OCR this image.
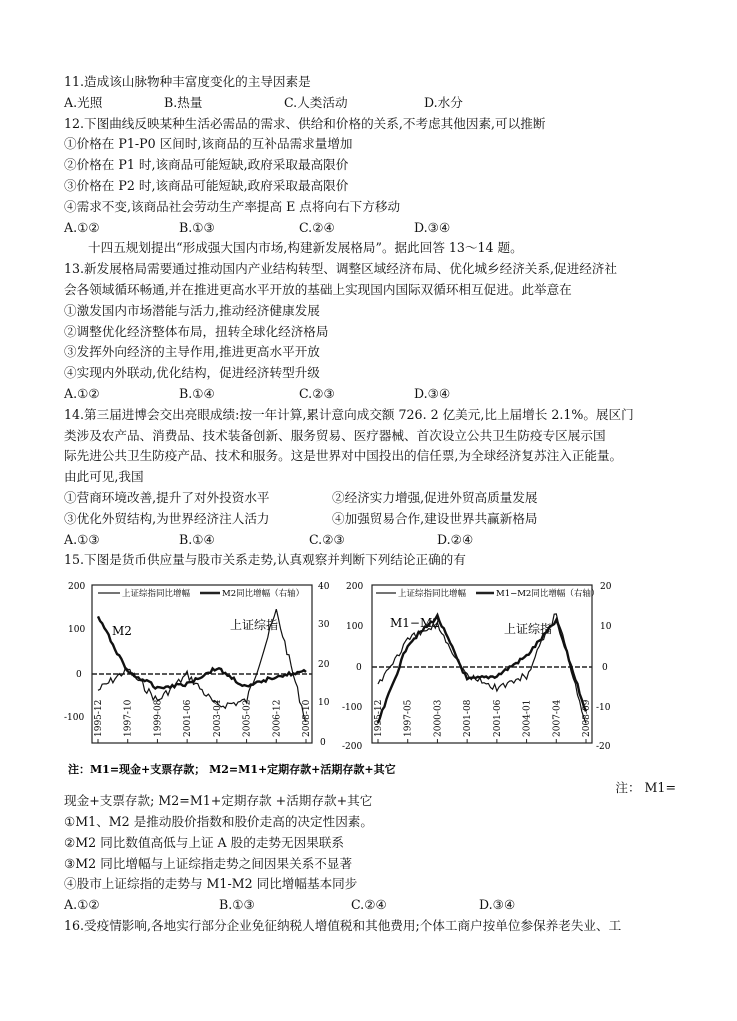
11.造成该山脉物种丰富度变化的主导因素是
A.光照	B.热量	C.人类活动	D.水分
12.下图曲线反映某种生活必需品的需求、供给和价格的关系,不考虑其他因素,可以推断
①价格在 P1-P0 区间时,该商品的互补品需求量增加
②价格在 P1 时,该商品可能短缺,政府采取最高限价
③价格在 P2 时,该商品可能短缺,政府采取最高限价
④需求不变,该商品社会劳动生产率提高 E 点将向右下方移动
A.①②	B.①③	C.②④	D.③④
十四五规划提出“形成强大国内市场,构建新发展格局”。据此回答 13～14 题。
13.新发展格局需要通过推动国内产业结构转型、调整区域经济布局、优化城乡经济关系,促进经济社
会各领域循环畅通,并在推进更高水平开放的基础上实现国内国际双循环相互促进。此举意在
①激发国内市场潜能与活力,推动经济健康发展
②调整优化经济整体布局，扭转全球化经济格局
③发挥外向经济的主导作用,推进更高水平开放
④实现内外联动,优化结构，促进经济转型升级
A.①②	B.①④	C.②③	D.③④
14.第三届进博会交出亮眼成绩:按一年计算,累计意向成交额 726. 2 亿美元,比上届增长 2.1%。展区门
类涉及农产品、消费品、技术装备创新、服务贸易、医疗器械、首次设立公共卫生防疫专区展示国
际先进公共卫生防疫产品、技术和服务。这是世界对中国投出的信任票,为全球经济复苏注入正能量。
由此可见,我国
①营商环境改善,提升了对外投资水平	②经济实力增强,促进外贸高质量发展
③优化外贸结构,为世界经济注人活力	④加强贸易合作,建设世界共赢新格局
A.①③	B.①④	C.②③	D.②④
15.下图是货币供应量与股市关系走势,认真观察并判断下列结论正确的有
上证综指同比增幅	M2同比增幅（右轴）
200
100
0
-100
40
30
20
10
0
M2	上证综指
1995-12 1997-10 1999-08 2001-06 2003-04 2005-02 2006-12 2008-10
上证综指同比增幅	M1−M2同比增幅（右轴）
200
100
0
-100
-200
20
10
0
-10
-20
M1−M2	上证综指
1995-12 1997-05 2000-03 2001-08 2001-06 2004-01 2007-04 2008-09
注：M1=现金+支票存款； M2=M1+定期存款+活期存款+其它
注： M1=
现金+支票存款; M2=M1+定期存款 +活期存款+其它
①M1、M2 是推动股价指数和股价走高的决定性因素。
②M2 同比数值高低与上证 A 股的走势无因果联系
③M2 同比增幅与上证综指走势之间因果关系不显著
④股市上证综指的走势与 M1-M2 同比增幅基本同步
A.①②	B.①③	C.②④	D.③④
16.受疫情影响,各地实行部分企业免征纳税人增值税和其他费用;个体工商户按单位参保养老失业、工
